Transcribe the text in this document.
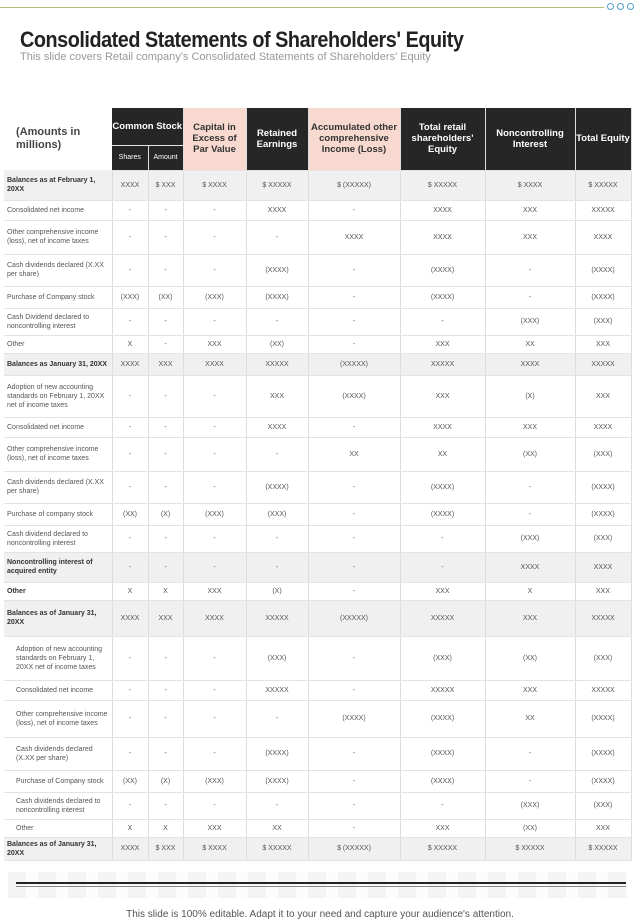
Consolidated Statements of Shareholders' Equity
This slide covers Retail company's Consolidated Statements of Shareholders' Equity
(Amounts in millions)	Common Stock		Capital in Excess of Par Value	Retained Earnings	Accumulated other comprehensive Income (Loss)	Total retail shareholders' Equity	Noncontrolling Interest	Total Equity
	Shares	Amount						
Balances as at February 1, 20XX	XXXX	$ XXX	$ XXXX	$ XXXXX	$ (XXXXX)	$ XXXXX	$ XXXX	$ XXXXX
Consolidated net income	-	-	-	XXXX	-	XXXX	XXX	XXXXX
Other comprehensive income (loss), net of income taxes	-	-	-	-	XXXX	XXXX	XXX	XXXX
Cash dividends declared (X.XX per share)	-	-	-	(XXXX)	-	(XXXX)	-	(XXXX)
Purchase of Company stock	(XXX)	(XX)	(XXX)	(XXXX)	-	(XXXX)	-	(XXXX)
Cash Dividend declared to noncontrolling interest	-	-	-	-	-	-	(XXX)	(XXX)
Other	X	-	XXX	(XX)	-	XXX	XX	XXX
Balances as January 31, 20XX	XXXX	XXX	XXXX	XXXXX	(XXXXX)	XXXXX	XXXX	XXXXX
Adoption of new accounting standards on February 1, 20XX net of income taxes	-	-	-	XXX	(XXXX)	XXX	(X)	XXX
Consolidated net income	-	-	-	XXXX	-	XXXX	XXX	XXXX
Other comprehensive income (loss), net of income taxes	-	-	-	-	XX	XX	(XX)	(XXX)
Cash dividends declared (X.XX per share)	-	-	-	(XXXX)	-	(XXXX)	-	(XXXX)
Purchase of company stock	(XX)	(X)	(XXX)	(XXX)	-	(XXXX)	-	(XXXX)
Cash dividend declared to noncontrolling interest	-	-	-	-	-	-	(XXX)	(XXX)
Noncontrolling interest of acquired entity	-	-	-	-	-	-	XXXX	XXXX
Other	X	X	XXX	(X)	-	XXX	X	XXX
Balances as of January 31, 20XX	XXXX	XXX	XXXX	XXXXX	(XXXXX)	XXXXX	XXX	XXXXX
Adoption of new accounting standards on February 1, 20XX net of income taxes	-	-	-	(XXX)	-	(XXX)	(XX)	(XXX)
Consolidated net income	-	-	-	XXXXX	-	XXXXX	XXX	XXXXX
Other comprehensive income (loss), net of income taxes	-	-	-	-	(XXXX)	(XXXX)	XX	(XXXX)
Cash dividends declared (X.XX per share)	-	-	-	(XXXX)	-	(XXXX)	-	(XXXX)
Purchase of Company stock	(XX)	(X)	(XXX)	(XXXX)	-	(XXXX)	-	(XXXX)
Cash dividends declared to noncontrolling interest	-	-	-	-	-	-	(XXX)	(XXX)
Other	X	X	XXX	XX	-	XXX	(XX)	XXX
Balances as of January 31, 20XX	XXXX	$ XXX	$ XXXX	$ XXXXX	$ (XXXXX)	$ XXXXX	$ XXXXX	$ XXXXX
This slide is 100% editable. Adapt it to your need and capture your audience's attention.
